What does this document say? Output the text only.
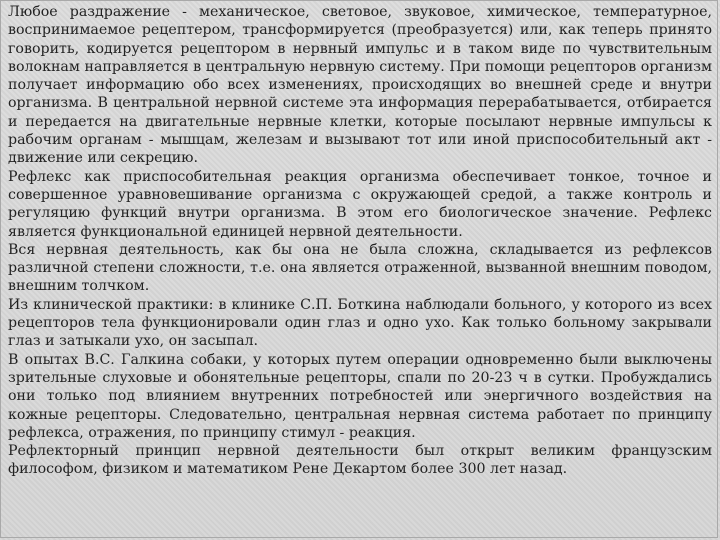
Любое раздражение - механическое, световое, звуковое, химическое, температурное, воспринимаемое рецептером, трансформируется (преобразуется) или, как теперь принято говорить, кодируется рецептором в нервный импульс и в таком виде по чувствительным волокнам направляется в центральную нервную систему. При помощи рецепторов организм получает информацию обо всех изменениях, происходящих во внешней среде и внутри организма. В центральной нервной системе эта информация перерабатывается, отбирается и передается на двигательные нервные клетки, которые посылают нервные импульсы к рабочим органам - мышцам, железам и вызывают тот или иной приспособительный акт - движение или секрецию.

Рефлекс как приспособительная реакция организма обеспечивает тонкое, точное и совершенное уравновешивание организма с окружающей средой, а также контроль и регуляцию функций внутри организма. В этом его биологическое значение. Рефлекс является функциональной единицей нервной деятельности.

Вся нервная деятельность, как бы она не была сложна, складывается из рефлексов различной степени сложности, т.е. она является отраженной, вызванной внешним поводом, внешним толчком.

Из клинической практики: в клинике С.П. Боткина наблюдали больного, у которого из всех рецепторов тела функционировали один глаз и одно ухо. Как только больному закрывали глаз и затыкали ухо, он засыпал.

В опытах В.С. Галкина собаки, у которых путем операции одновременно были выключены зрительные слуховые и обонятельные рецепторы, спали по 20-23 ч в сутки. Пробуждались они только под влиянием внутренних потребностей или энергичного воздействия на кожные рецепторы. Следовательно, центральная нервная система работает по принципу рефлекса, отражения, по принципу стимул - реакция.

Рефлекторный принцип нервной деятельности был открыт великим французским философом, физиком и математиком Рене Декартом более 300 лет назад.
